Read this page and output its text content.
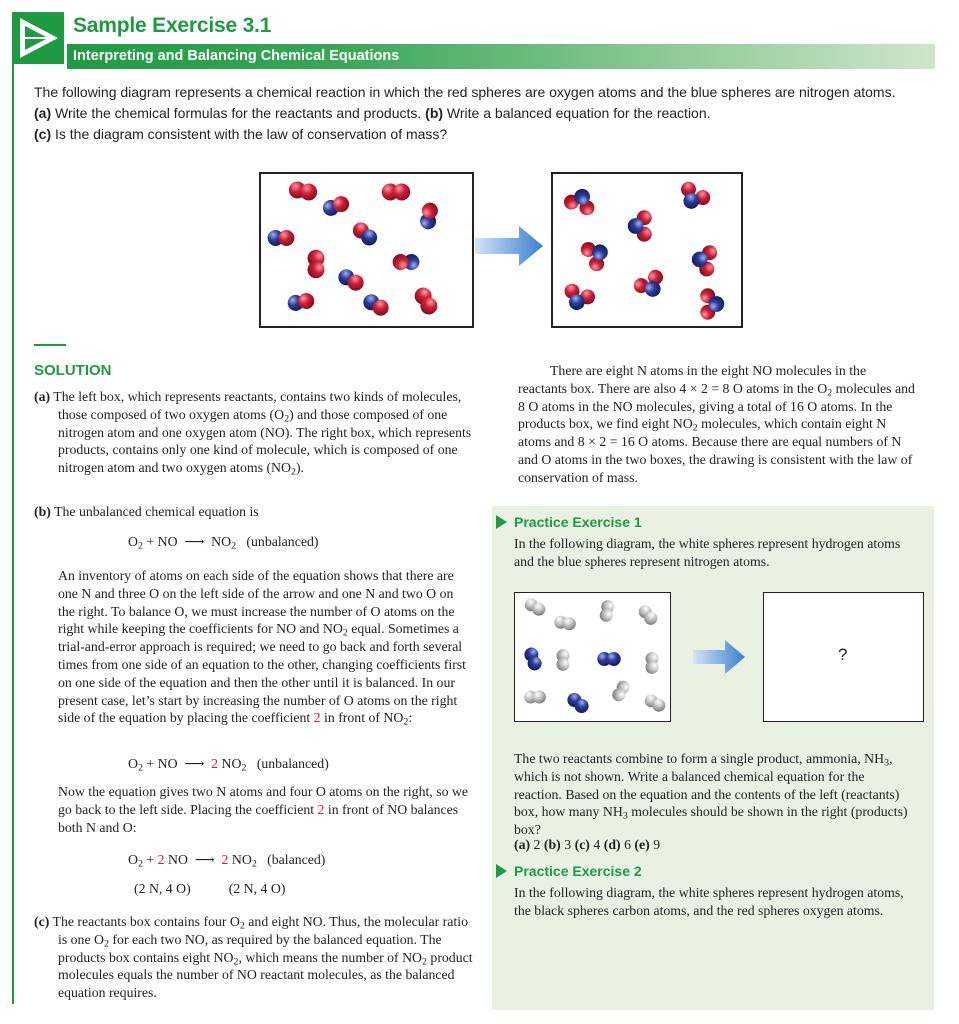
Sample Exercise 3.1
Interpreting and Balancing Chemical Equations
The following diagram represents a chemical reaction in which the red spheres are oxygen atoms and the blue spheres are nitrogen atoms. (a) Write the chemical formulas for the reactants and products. (b) Write a balanced equation for the reaction.
(c) Is the diagram consistent with the law of conservation of mass?
SOLUTION
(a) The left box, which represents reactants, contains two kinds of molecules, those composed of two oxygen atoms $(O_2)$ and those composed of one nitrogen atom and one oxygen atom (NO). The right box, which represents products, contains only one kind of molecule, which is composed of one nitrogen atom and two oxygen atoms $(NO_2)$.
(b) The unbalanced chemical equation is
$O_2$ + NO ⟶ $NO_2$ (unbalanced)
An inventory of atoms on each side of the equation shows that there are one N and three O on the left side of the arrow and one N and two O on the right. To balance O, we must increase the number of O atoms on the right while keeping the coefficients for NO and $NO_2$ equal. Sometimes a trial-and-error approach is required; we need to go back and forth several times from one side of an equation to the other, changing coefficients first on one side of the equation and then the other until it is balanced. In our present case, let’s start by increasing the number of O atoms on the right side of the equation by placing the coefficient 2 in front of $NO_2$:
$O_2$ + NO ⟶ 2 $NO_2$ (unbalanced)
Now the equation gives two N atoms and four O atoms on the right, so we go back to the left side. Placing the coefficient 2 in front of NO balances both N and O:
$O_2 + 2$ NO ⟶ 2 $NO_2$ (balanced)
(2 N, 4 O)	(2 N, 4 O)
(c) The reactants box contains four $O_2$ and eight NO. Thus, the molecular ratio is one $O_2$ for each two NO, as required by the balanced equation. The products box contains eight $NO_2$, which means the number of $NO_2$ product molecules equals the number of NO reactant molecules, as the balanced equation requires.
There are eight N atoms in the eight NO molecules in the reactants box. There are also 4 × 2 = 8 O atoms in the $O_2$ molecules and 8 O atoms in the NO molecules, giving a total of 16 O atoms. In the products box, we find eight $NO_2$ molecules, which contain eight N atoms and 8 × 2 = 16 O atoms. Because there are equal numbers of N and O atoms in the two boxes, the drawing is consistent with the law of conservation of mass.
Practice Exercise 1
In the following diagram, the white spheres represent hydrogen atoms and the blue spheres represent nitrogen atoms.
?
The two reactants combine to form a single product, ammonia, $NH_3$, which is not shown. Write a balanced chemical equation for the reaction. Based on the equation and the contents of the left (reactants) box, how many $NH_3$ molecules should be shown in the right (products) box?
(a) 2 (b) 3 (c) 4 (d) 6 (e) 9
Practice Exercise 2
In the following diagram, the white spheres represent hydrogen atoms, the black spheres carbon atoms, and the red spheres oxygen atoms.
